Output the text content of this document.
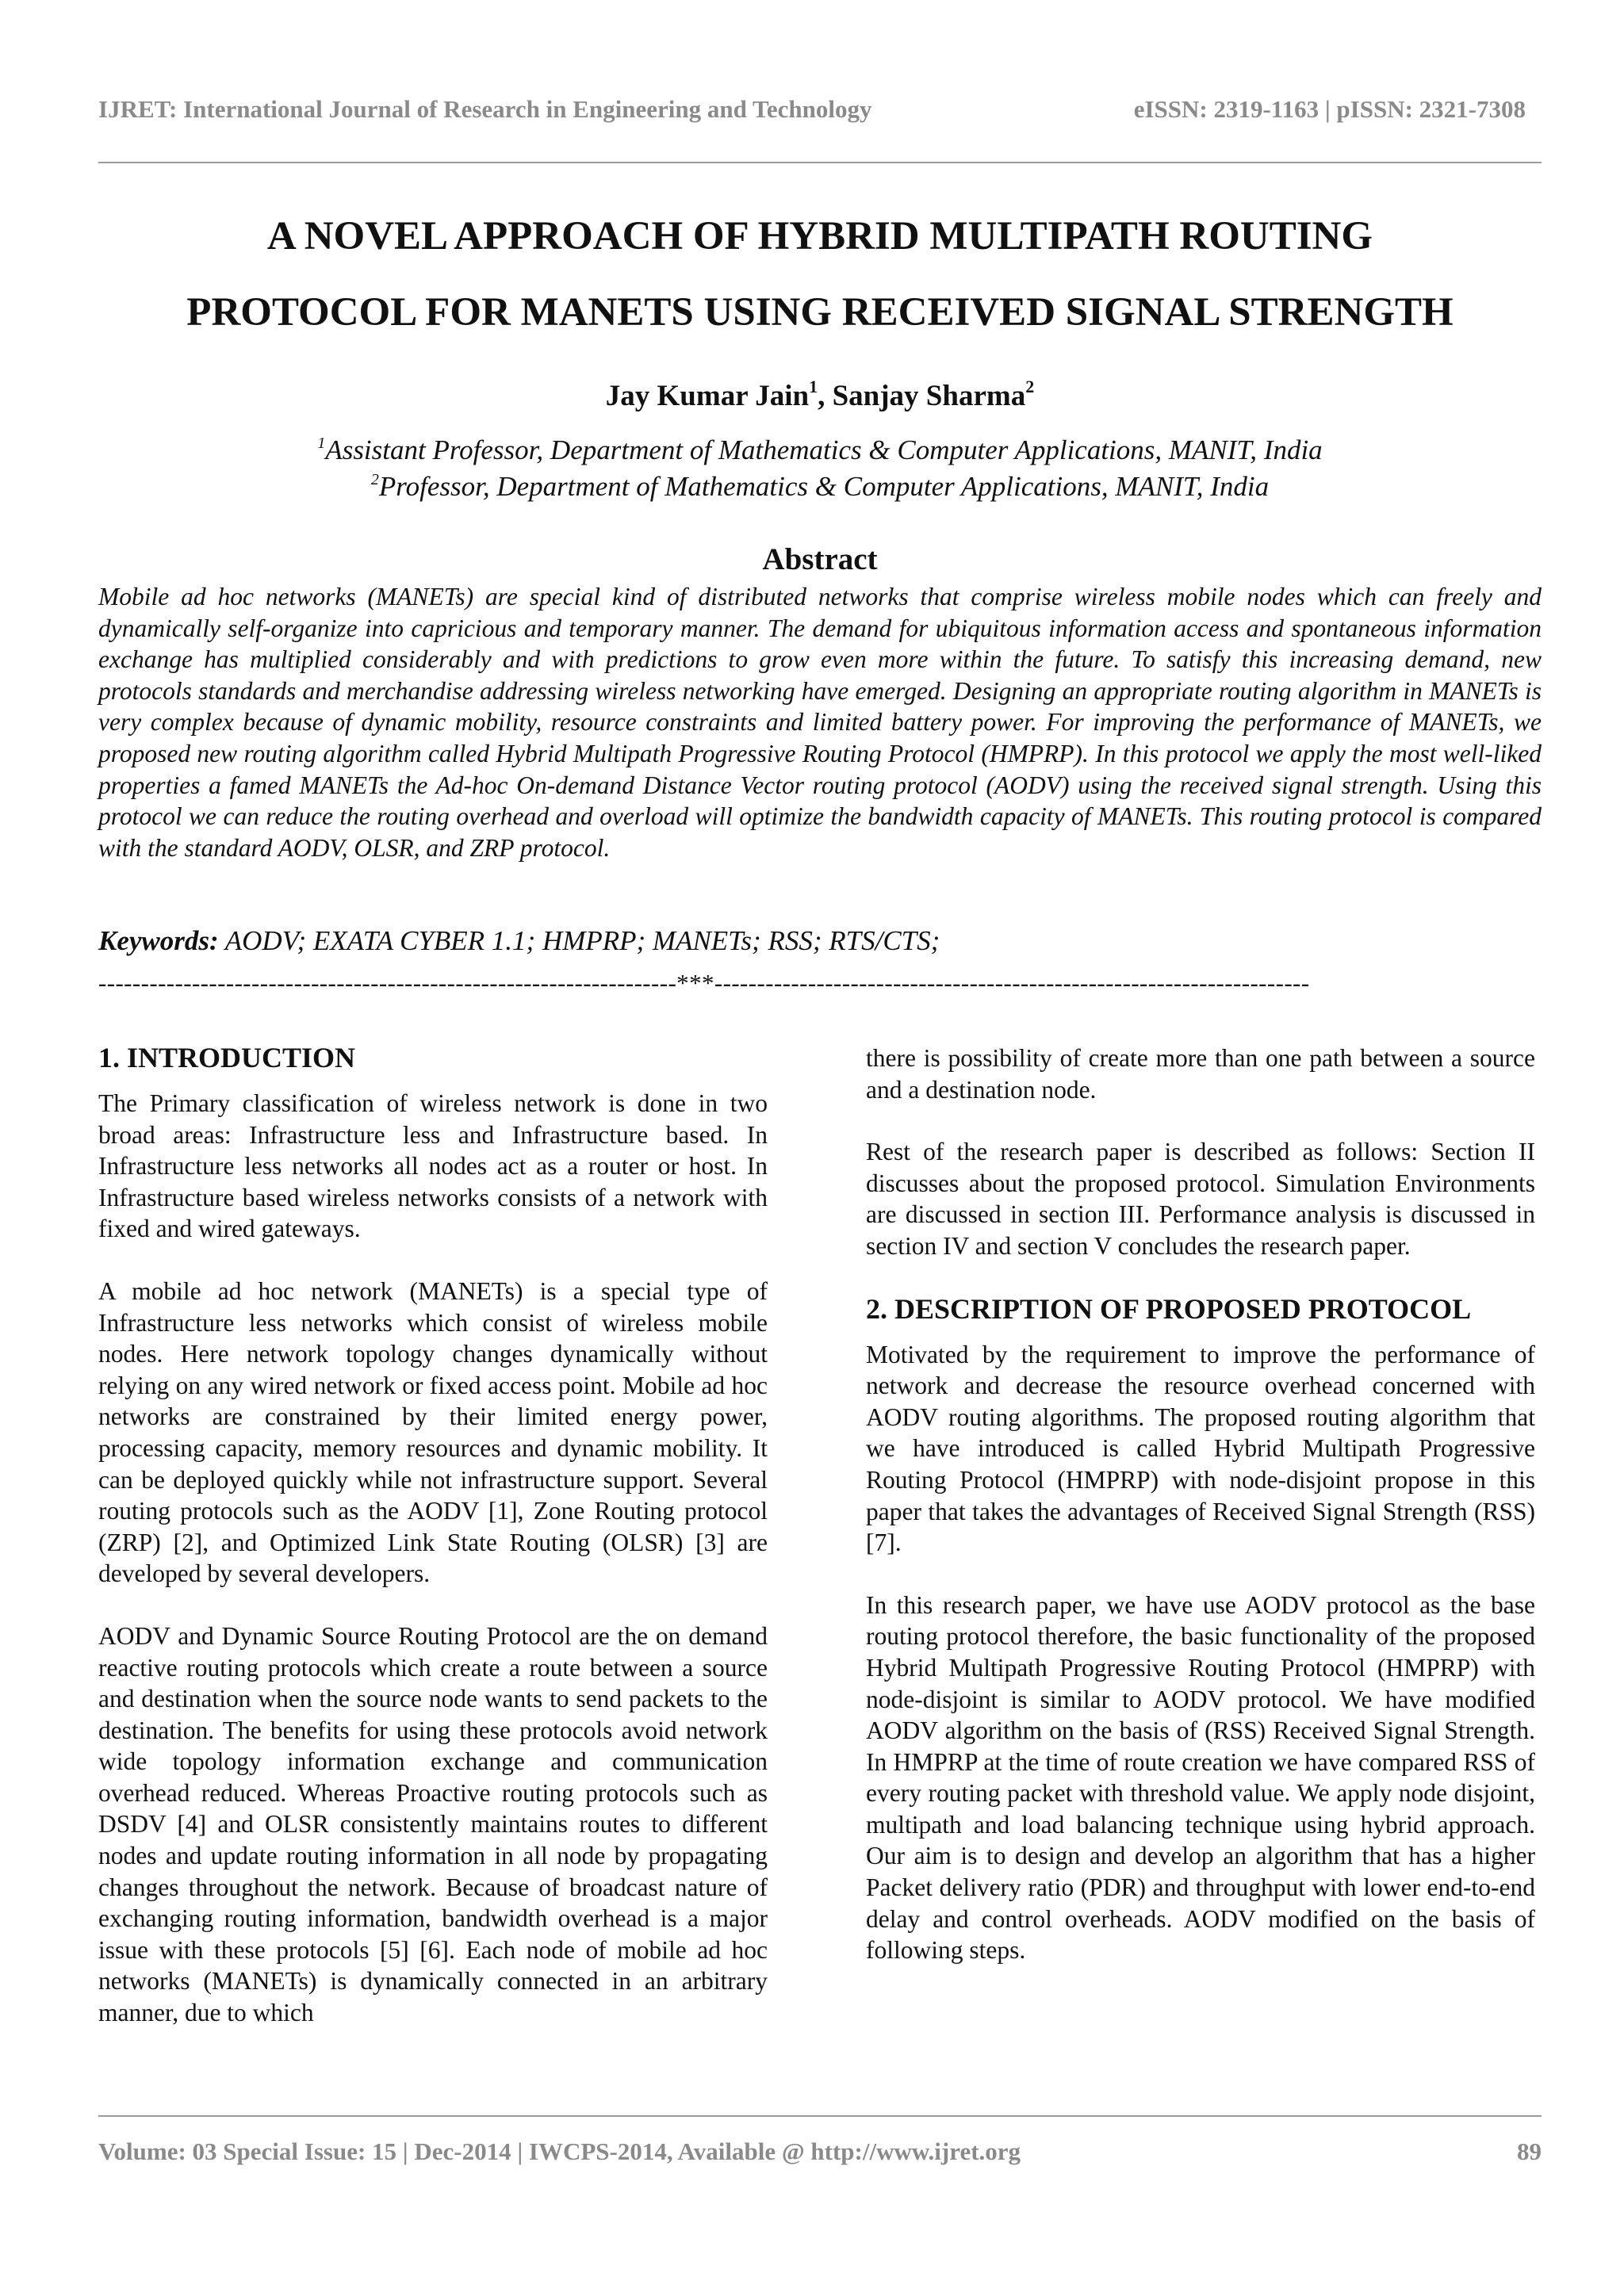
IJRET: International Journal of Research in Engineering and Technology	eISSN: 2319-1163 | pISSN: 2321-7308
A NOVEL APPROACH OF HYBRID MULTIPATH ROUTING
PROTOCOL FOR MANETS USING RECEIVED SIGNAL STRENGTH
Jay Kumar Jain$^1$, Sanjay Sharma$^2$
$^1$Assistant Professor, Department of Mathematics & Computer Applications, MANIT, India
$^2$Professor, Department of Mathematics & Computer Applications, MANIT, India
Abstract
Mobile ad hoc networks (MANETs) are special kind of distributed networks that comprise wireless mobile nodes which can freely and dynamically self-organize into capricious and temporary manner. The demand for ubiquitous information access and spontaneous information exchange has multiplied considerably and with predictions to grow even more within the future. To satisfy this increasing demand, new protocols standards and merchandise addressing wireless networking have emerged. Designing an appropriate routing algorithm in MANETs is very complex because of dynamic mobility, resource constraints and limited battery power. For improving the performance of MANETs, we proposed new routing algorithm called Hybrid Multipath Progressive Routing Protocol (HMPRP). In this protocol we apply the most well-liked properties a famed MANETs the Ad-hoc On-demand Distance Vector routing protocol (AODV) using the received signal strength. Using this protocol we can reduce the routing overhead and overload will optimize the bandwidth capacity of MANETs. This routing protocol is compared with the standard AODV, OLSR, and ZRP protocol.
Keywords: AODV; EXATA CYBER 1.1; HMPRP; MANETs; RSS; RTS/CTS;
--------------------------------------------------------------------***----------------------------------------------------------------------
1. INTRODUCTION

The Primary classification of wireless network is done in two broad areas: Infrastructure less and Infrastructure based. In Infrastructure less networks all nodes act as a router or host. In Infrastructure based wireless networks consists of a network with fixed and wired gateways.

A mobile ad hoc network (MANETs) is a special type of Infrastructure less networks which consist of wireless mobile nodes. Here network topology changes dynamically without relying on any wired network or fixed access point. Mobile ad hoc networks are constrained by their limited energy power, processing capacity, memory resources and dynamic mobility. It can be deployed quickly while not infrastructure support. Several routing protocols such as the AODV [1], Zone Routing protocol (ZRP) [2], and Optimized Link State Routing (OLSR) [3] are developed by several developers.

AODV and Dynamic Source Routing Protocol are the on demand reactive routing protocols which create a route between a source and destination when the source node wants to send packets to the destination. The benefits for using these protocols avoid network wide topology information exchange and communication overhead reduced. Whereas Proactive routing protocols such as DSDV [4] and OLSR consistently maintains routes to different nodes and update routing information in all node by propagating changes throughout the network. Because of broadcast nature of exchanging routing information, bandwidth overhead is a major issue with these protocols [5] [6]. Each node of mobile ad hoc networks (MANETs) is dynamically connected in an arbitrary manner, due to which

there is possibility of create more than one path between a source and a destination node.

Rest of the research paper is described as follows: Section II discusses about the proposed protocol. Simulation Environments are discussed in section III. Performance analysis is discussed in section IV and section V concludes the research paper.

2. DESCRIPTION OF PROPOSED PROTOCOL

Motivated by the requirement to improve the performance of network and decrease the resource overhead concerned with AODV routing algorithms. The proposed routing algorithm that we have introduced is called Hybrid Multipath Progressive Routing Protocol (HMPRP) with node-disjoint propose in this paper that takes the advantages of Received Signal Strength (RSS) [7].

In this research paper, we have use AODV protocol as the base routing protocol therefore, the basic functionality of the proposed Hybrid Multipath Progressive Routing Protocol (HMPRP) with node-disjoint is similar to AODV protocol. We have modified AODV algorithm on the basis of (RSS) Received Signal Strength. In HMPRP at the time of route creation we have compared RSS of every routing packet with threshold value. We apply node disjoint, multipath and load balancing technique using hybrid approach. Our aim is to design and develop an algorithm that has a higher Packet delivery ratio (PDR) and throughput with lower end-to-end delay and control overheads. AODV modified on the basis of following steps.

Volume: 03 Special Issue: 15 | Dec-2014 | IWCPS-2014, Available @ http://www.ijret.org	89
